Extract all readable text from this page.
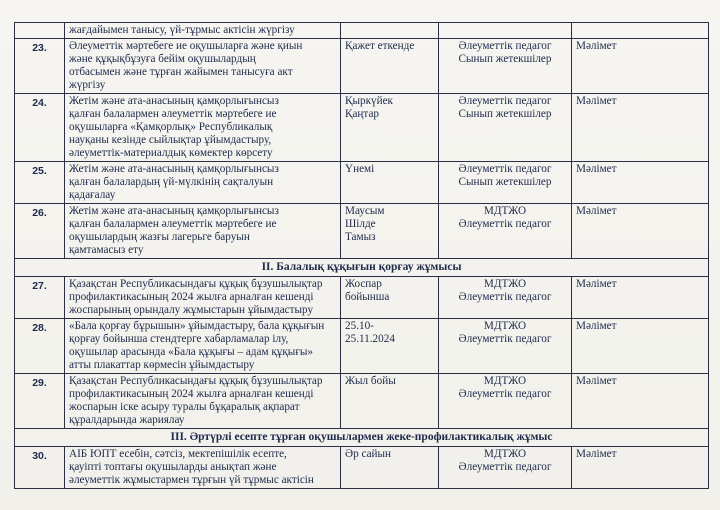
	жағдайымен танысу, үй-тұрмыс актісін жүргізу			

23.	Әлеуметтік мәртебеге ие оқушыларға және қиын
және құқықбұзуға бейім оқушылардың
отбасымен және тұрған жайымен танысуға акт
жүргізу	Қажет еткенде	Әлеуметтік педагог
Сынып жетекшілер	Мәлімет
24.	Жетім және ата-анасының қамқорлығынсыз
қалған балалармен әлеуметтік мәртебеге ие
оқушыларға «Қамқорлық» Республикалық
науқаны кезінде сыйлықтар ұйымдастыру,
әлеуметтік-материалдық көмектер көрсету	Қыркүйек
Қаңтар	Әлеуметтік педагог
Сынып жетекшілер	Мәлімет
25.	Жетім және ата-анасының қамқорлығынсыз
қалған балалардың үй-мүлкінің сақталуын
қадағалау	Үнемі	Әлеуметтік педагог
Сынып жетекшілер	Мәлімет
26.	Жетім және ата-анасының қамқорлығынсыз
қалған балалармен әлеуметтік мәртебеге ие
оқушылардың жазғы лагерьге баруын
қамтамасыз ету	Маусым
Шілде
Тамыз	МДТЖО
Әлеуметтік педагог	Мәлімет
II. Балалық құқығын қорғау жұмысы				
27.	Қазақстан Республикасындағы құқық бұзушылықтар
профилактикасының 2024 жылға арналған кешенді
жоспарының орындалу жұмыстарын ұйымдастыру	Жоспар
бойынша	МДТЖО
Әлеуметтік педагог	Мәлімет
28.	«Бала қорғау бұрышын» ұйымдастыру, бала құқығын
қорғау бойынша стендтерге хабарламалар ілу,
оқушылар арасында «Бала құқығы – адам құқығы»
атты плакаттар көрмесін ұйымдастыру	25.10-
25.11.2024	МДТЖО
Әлеуметтік педагог	Мәлімет
29.	Қазақстан Республикасындағы құқық бұзушылықтар
профилактикасының 2024 жылға арналған кешенді
жоспарын іске асыру туралы бұқаралық ақпарат
құралдарында жариялау	Жыл бойы	МДТЖО
Әлеуметтік педагог	Мәлімет
III. Әртүрлі есепте тұрған оқушылармен жеке-профилактикалық жұмыс				
30.	АІБ ЮПТ есебін, сәтсіз, мектепішілік есепте,
қауіпті топтағы оқушыларды анықтап және
әлеуметтік жұмыстармен тұрғын үй тұрмыс актісін	Әр сайын	МДТЖО
Әлеуметтік педагог	Мәлімет
